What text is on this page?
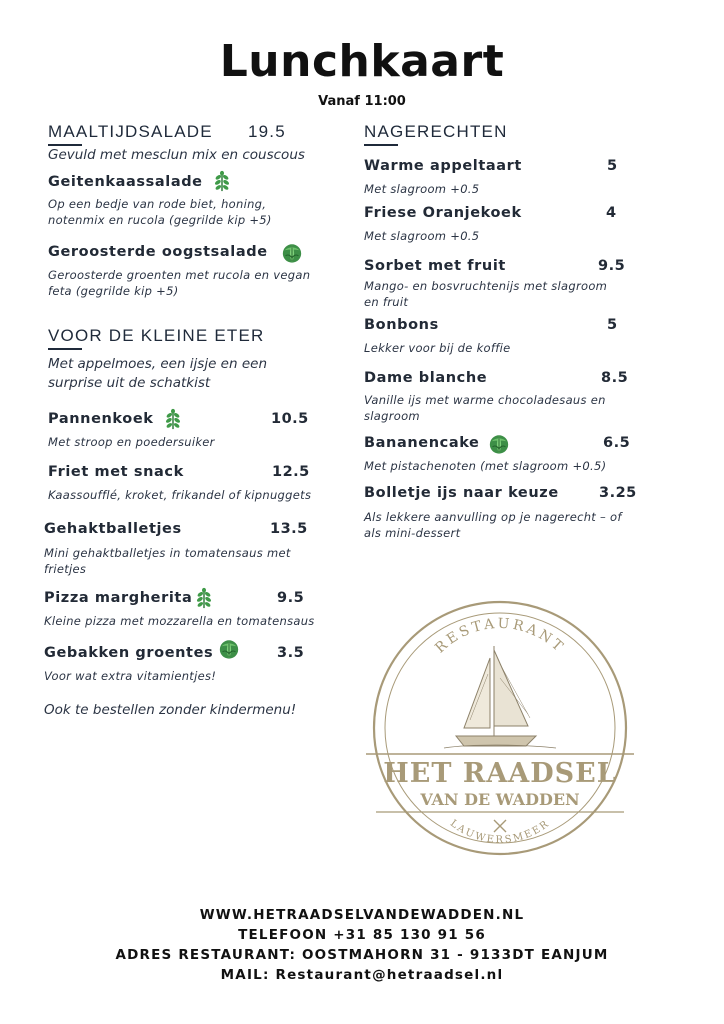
Lunchkaart
Vanaf 11:00
MAALTIJDSALADE 19.5
Gevuld met mesclun mix en couscous
Geitenkaassalade
Op een bedje van rode biet, honing,
notenmix en rucola (gegrilde kip +5)
Geroosterde oogstsalade
Geroosterde groenten met rucola en vegan
feta (gegrilde kip +5)
VOOR DE KLEINE ETER
Met appelmoes, een ijsje en een
surprise uit de schatkist
Pannenkoek	10.5
Met stroop en poedersuiker
Friet met snack	12.5
Kaassoufflé, kroket, frikandel of kipnuggets
Gehaktballetjes	13.5
Mini gehaktballetjes in tomatensaus met
frietjes
Pizza margherita	9.5
Kleine pizza met mozzarella en tomatensaus
Gebakken groentes	3.5
Voor wat extra vitamientjes!
Ook te bestellen zonder kindermenu!
NAGERECHTEN
Warme appeltaart	5
Met slagroom +0.5
Friese Oranjekoek	4
Met slagroom +0.5
Sorbet met fruit	9.5
Mango- en bosvruchtenijs met slagroom
en fruit
Bonbons	5
Lekker voor bij de koffie
Dame blanche	8.5
Vanille ijs met warme chocoladesaus en
slagroom
Bananencake	6.5
Met pistachenoten (met slagroom +0.5)
Bolletje ijs naar keuze	3.25
Als lekkere aanvulling op je nagerecht – of
als mini-dessert
RESTAURANT
HET RAADSEL
VAN DE WADDEN
LAUWERSMEER
WWW.HETRAADSELVANDEWADDEN.NL
TELEFOON +31 85 130 91 56
ADRES RESTAURANT: OOSTMAHORN 31 - 9133DT EANJUM
MAIL: Restaurant@hetraadsel.nl
